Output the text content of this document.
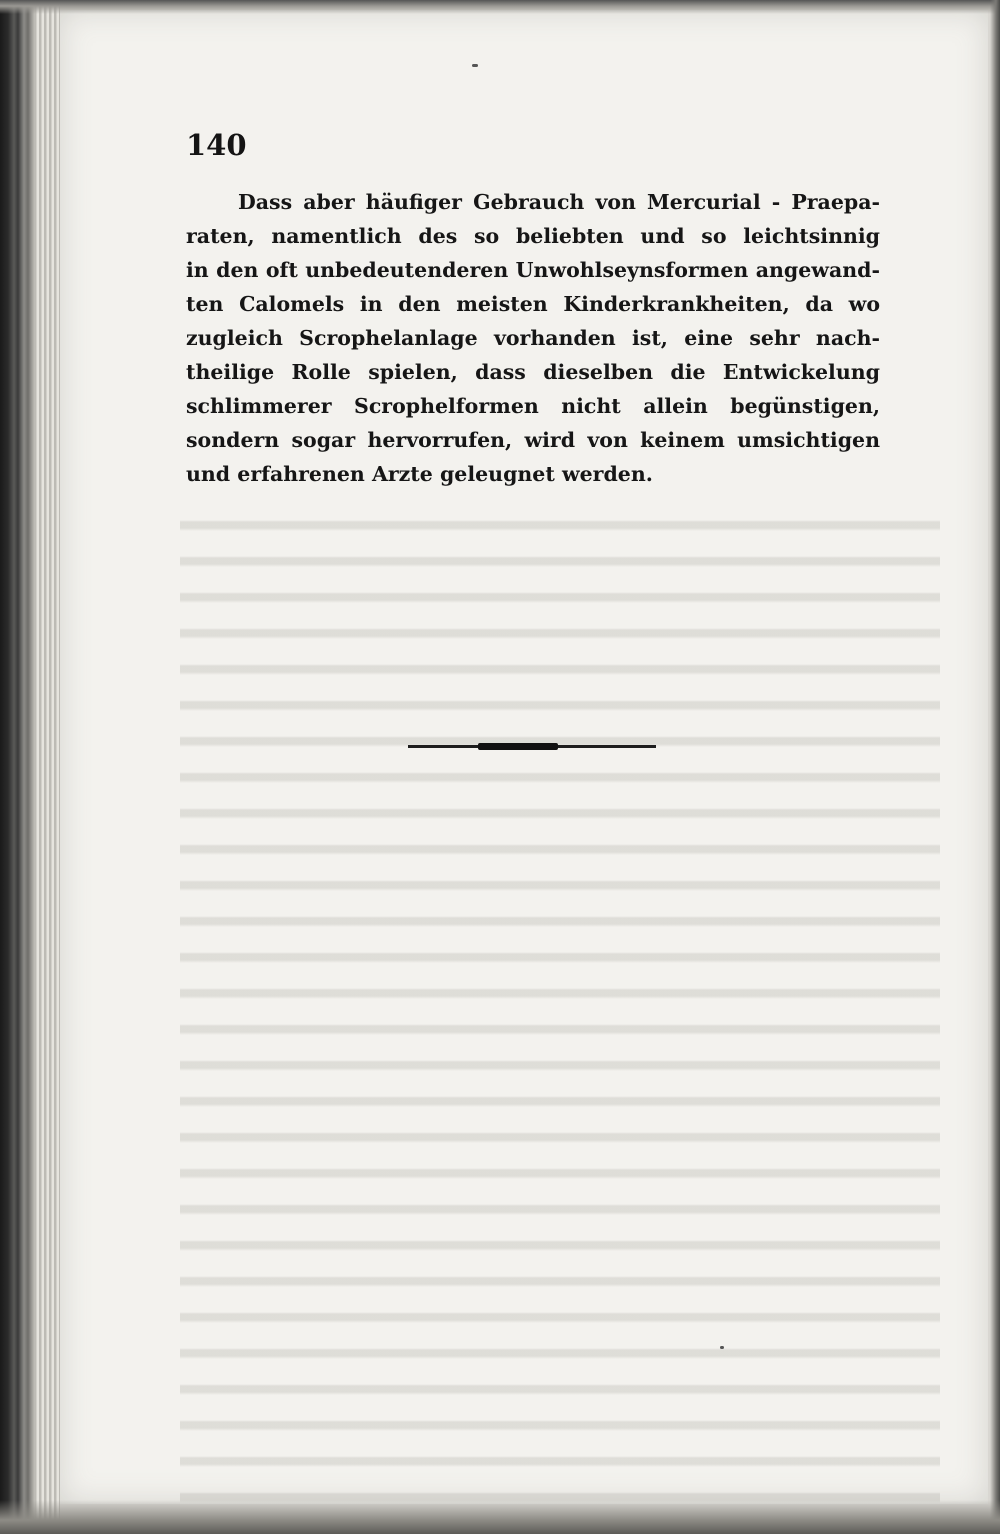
140

Dass aber häufiger Gebrauch von Mercurial - Praepa-
raten, namentlich des so beliebten und so leichtsinnig
in den oft unbedeutenderen Unwohlseynsformen angewand-
ten Calomels in den meisten Kinderkrankheiten, da wo
zugleich Scrophelanlage vorhanden ist, eine sehr nach-
theilige Rolle spielen, dass dieselben die Entwickelung
schlimmerer Scrophelformen nicht allein begünstigen,
sondern sogar hervorrufen, wird von keinem umsichtigen
und erfahrenen Arzte geleugnet werden.
